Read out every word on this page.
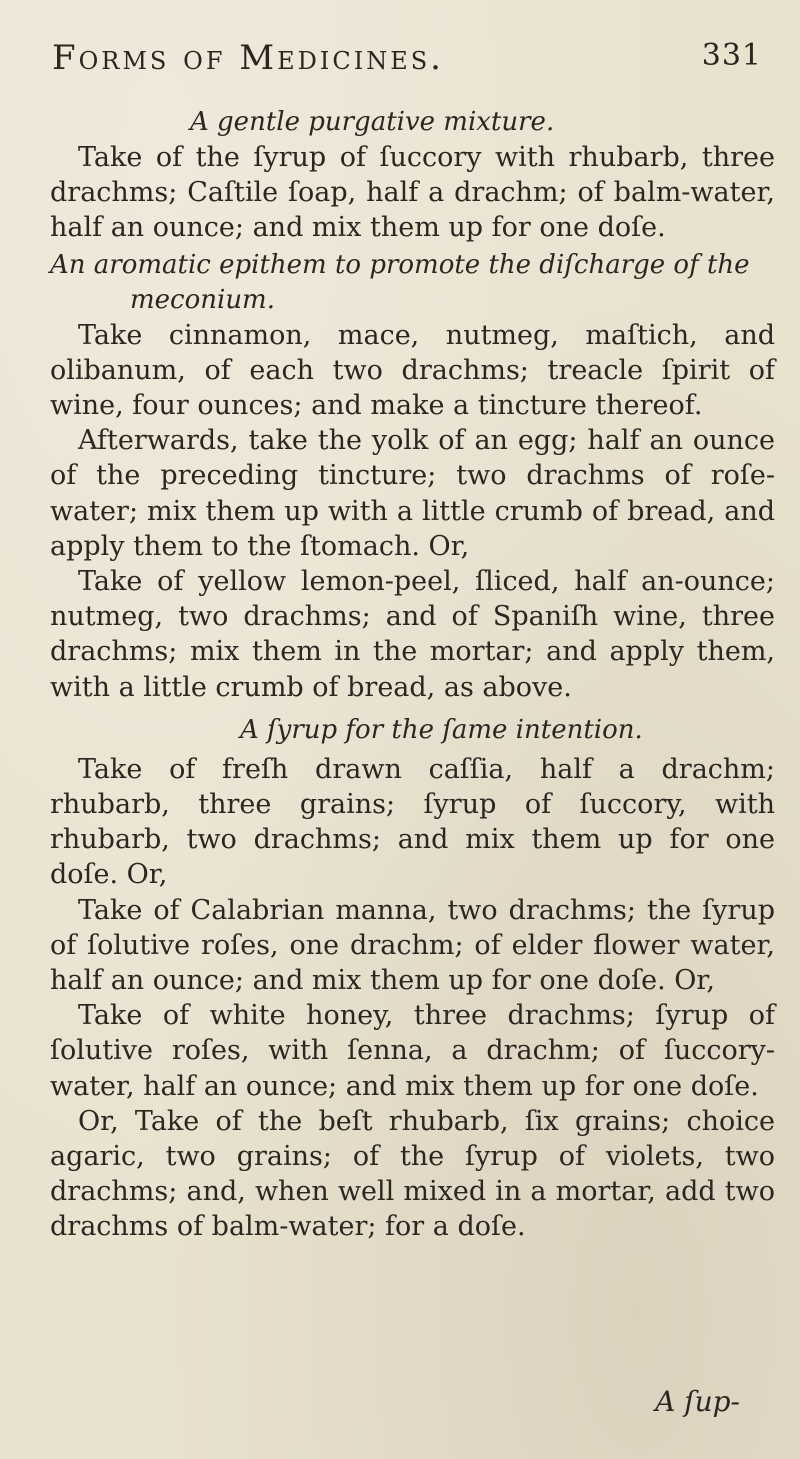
Forms of Medicines.	331

A gentle purgative mixture.

Take of the ſyrup of ſuccory with rhubarb, three drachms; Caſtile ſoap, half a drachm; of balm-water, half an ounce; and mix them up for one doſe.

An aromatic epithem to promote the diſcharge of the

meconium.

Take cinnamon, mace, nutmeg, maſtich, and olibanum, of each two drachms; treacle ſpirit of wine, four ounces; and make a tincture thereof.

Afterwards, take the yolk of an egg; half an ounce of the preceding tincture; two drachms of roſe-water; mix them up with a little crumb of bread, and apply them to the ſtomach. Or,

Take of yellow lemon-peel, ſliced, half an-ounce; nutmeg, two drachms; and of Spaniſh wine, three drachms; mix them in the mortar; and apply them, with a little crumb of bread, as above.

A ſyrup for the ſame intention.

Take of freſh drawn caſſia, half a drachm; rhubarb, three grains; ſyrup of ſuccory, with rhubarb, two drachms; and mix them up for one doſe. Or,

Take of Calabrian manna, two drachms; the ſyrup of ſolutive roſes, one drachm; of elder flower water, half an ounce; and mix them up for one doſe. Or,

Take of white honey, three drachms; ſyrup of ſolutive roſes, with ſenna, a drachm; of ſuccory-water, half an ounce; and mix them up for one doſe.

Or, Take of the beſt rhubarb, ſix grains; choice agaric, two grains; of the ſyrup of violets, two drachms; and, when well mixed in a mortar, add two drachms of balm-water; for a doſe.

A ſup-
